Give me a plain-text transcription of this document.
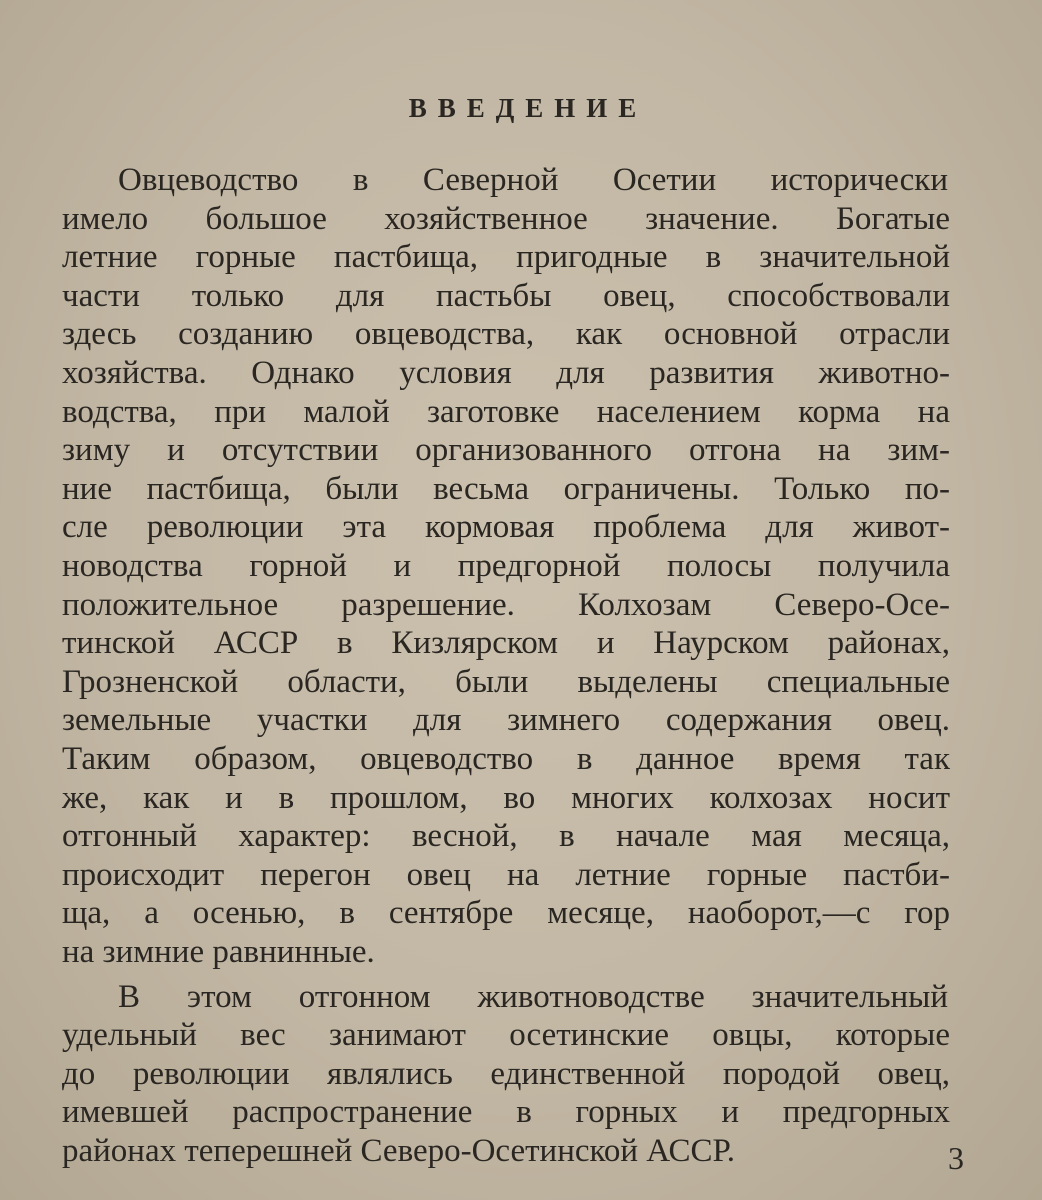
ВВЕДЕНИЕ
Овцеводство в Северной Осетии исторически
имело большое хозяйственное значение. Богатые
летние горные пастбища, пригодные в значительной
части только для пастьбы овец, способствовали
здесь созданию овцеводства, как основной отрасли
хозяйства. Однако условия для развития животно-
водства, при малой заготовке населением корма на
зиму и отсутствии организованного отгона на зим-
ние пастбища, были весьма ограничены. Только по-
сле революции эта кормовая проблема для живот-
новодства горной и предгорной полосы получила
положительное разрешение. Колхозам Северо-Осе-
тинской АССР в Кизлярском и Наурском районах,
Грозненской области, были выделены специальные
земельные участки для зимнего содержания овец.
Таким образом, овцеводство в данное время так
же, как и в прошлом, во многих колхозах носит
отгонный характер: весной, в начале мая месяца,
происходит перегон овец на летние горные пастби-
ща, а осенью, в сентябре месяце, наоборот,—с гор
на зимние равнинные.
В этом отгонном животноводстве значительный
удельный вес занимают осетинские овцы, которые
до революции являлись единственной породой овец,
имевшей распространение в горных и предгорных
районах теперешней Северо-Осетинской АССР.	3
